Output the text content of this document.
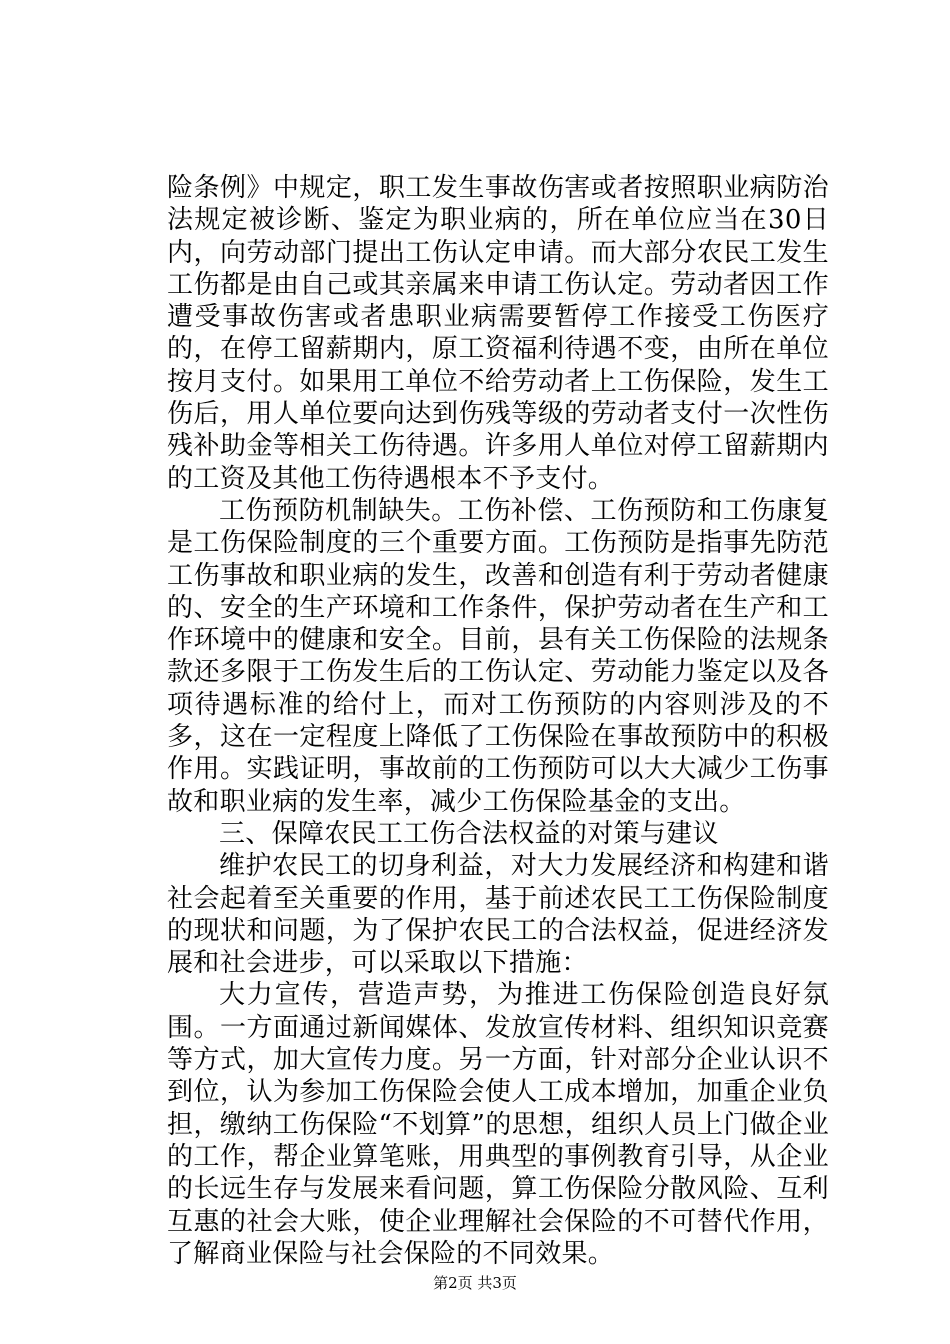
险条例》中规定，职工发生事故伤害或者按照职业病防治法规定被诊断、鉴定为职业病的，所在单位应当在30日内，向劳动部门提出工伤认定申请。而大部分农民工发生工伤都是由自己或其亲属来申请工伤认定。劳动者因工作遭受事故伤害或者患职业病需要暂停工作接受工伤医疗的，在停工留薪期内，原工资福利待遇不变，由所在单位按月支付。如果用工单位不给劳动者上工伤保险，发生工伤后，用人单位要向达到伤残等级的劳动者支付一次性伤残补助金等相关工伤待遇。许多用人单位对停工留薪期内的工资及其他工伤待遇根本不予支付。

工伤预防机制缺失。工伤补偿、工伤预防和工伤康复是工伤保险制度的三个重要方面。工伤预防是指事先防范工伤事故和职业病的发生，改善和创造有利于劳动者健康的、安全的生产环境和工作条件，保护劳动者在生产和工作环境中的健康和安全。目前，县有关工伤保险的法规条款还多限于工伤发生后的工伤认定、劳动能力鉴定以及各项待遇标准的给付上，而对工伤预防的内容则涉及的不多，这在一定程度上降低了工伤保险在事故预防中的积极作用。实践证明，事故前的工伤预防可以大大减少工伤事故和职业病的发生率，减少工伤保险基金的支出。

三、保障农民工工伤合法权益的对策与建议

维护农民工的切身利益，对大力发展经济和构建和谐社会起着至关重要的作用，基于前述农民工工伤保险制度的现状和问题，为了保护农民工的合法权益，促进经济发展和社会进步，可以采取以下措施：

大力宣传，营造声势，为推进工伤保险创造良好氛围。一方面通过新闻媒体、发放宣传材料、组织知识竞赛等方式，加大宣传力度。另一方面，针对部分企业认识不到位，认为参加工伤保险会使人工成本增加，加重企业负担，缴纳工伤保险“不划算”的思想，组织人员上门做企业的工作，帮企业算笔账，用典型的事例教育引导，从企业的长远生存与发展来看问题，算工伤保险分散风险、互利互惠的社会大账，使企业理解社会保险的不可替代作用，了解商业保险与社会保险的不同效果。

第2页 共3页
